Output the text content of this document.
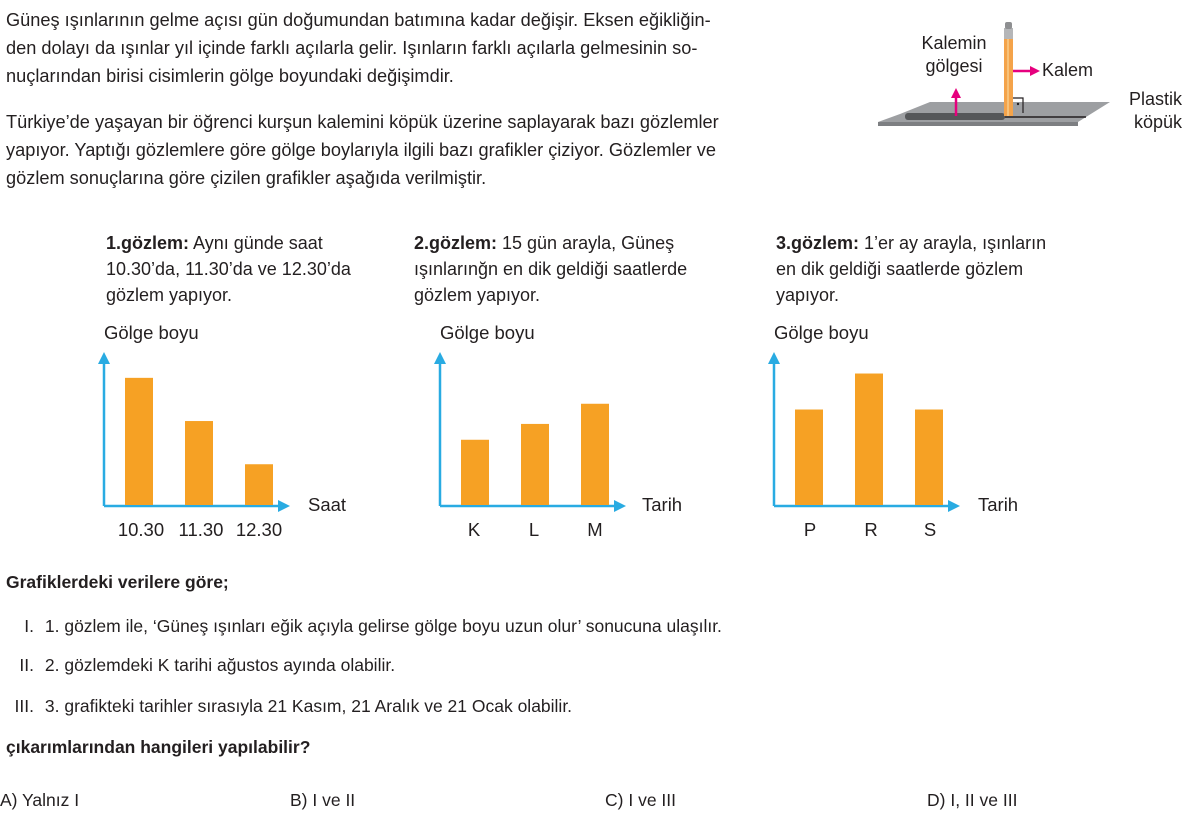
Güneş ışınlarının gelme açısı gün doğumundan batımına kadar değişir. Eksen eğikliğin-
den dolayı da ışınlar yıl içinde farklı açılarla gelir. Işınların farklı açılarla gelmesinin so-
nuçlarından birisi cisimlerin gölge boyundaki değişimdir.
Türkiye’de yaşayan bir öğrenci kurşun kalemini köpük üzerine saplayarak bazı gözlemler
yapıyor. Yaptığı gözlemlere göre gölge boylarıyla ilgili bazı grafikler çiziyor. Gözlemler ve
gözlem sonuçlarına göre çizilen grafikler aşağıda verilmiştir.
Kalemin
gölgesi	Kalem
Plastik
köpük
1.gözlem: Aynı günde saat
10.30’da, 11.30’da ve 12.30’da
gözlem yapıyor.
2.gözlem: 15 gün arayla, Güneş
ışınlarınğn en dik geldiği saatlerde
gözlem yapıyor.
3.gözlem: 1’er ay arayla, ışınların
en dik geldiği saatlerde gözlem
yapıyor.
Gölge boyu
Saat
10.30 11.30 12.30
Gölge boyu
Tarih
K	L	M
Gölge boyu
Tarih
P	R	S
Grafiklerdeki verilere göre;
I. 1. gözlem ile, ‘Güneş ışınları eğik açıyla gelirse gölge boyu uzun olur’ sonucuna ulaşılır.
II. 2. gözlemdeki K tarihi ağustos ayında olabilir.
III. 3. grafikteki tarihler sırasıyla 21 Kasım, 21 Aralık ve 21 Ocak olabilir.
çıkarımlarından hangileri yapılabilir?
A) Yalnız I	B) I ve II	C) I ve III	D) I, II ve III
